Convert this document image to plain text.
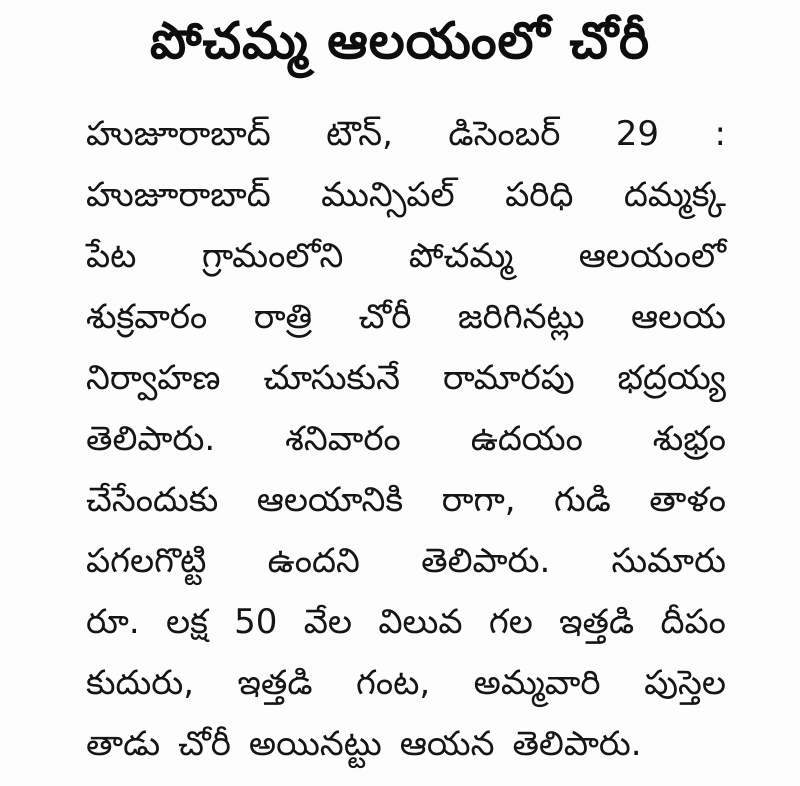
పోచమ్మ ఆలయంలో చోరీ
హుజూరాబాద్ టౌన్, డిసెంబర్ 29 :
హుజూరాబాద్ మున్సిపల్ పరిధి దమ్మక్క
పేట గ్రామంలోని పోచమ్మ ఆలయంలో
శుక్రవారం రాత్రి చోరీ జరిగినట్లు ఆలయ
నిర్వాహణ చూసుకునే రామారపు భద్రయ్య
తెలిపారు. శనివారం ఉదయం శుభ్రం
చేసేందుకు ఆలయానికి రాగా, గుడి తాళం
పగలగొట్టి ఉందని తెలిపారు. సుమారు
రూ. లక్ష 50 వేల విలువ గల ఇత్తడి దీపం
కుదురు, ఇత్తడి గంట, అమ్మవారి పుస్తెల
తాడు చోరీ అయినట్టు ఆయన తెలిపారు.
